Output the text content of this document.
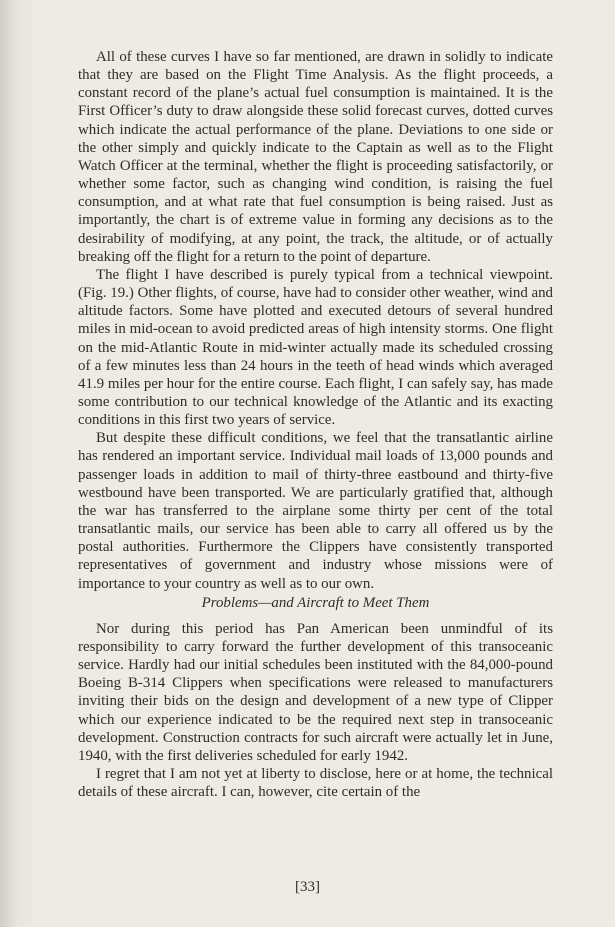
All of these curves I have so far mentioned, are drawn in solidly to indicate that they are based on the Flight Time Analysis. As the flight proceeds, a constant record of the plane’s actual fuel consumption is maintained. It is the First Officer’s duty to draw alongside these solid forecast curves, dotted curves which indicate the actual performance of the plane. Deviations to one side or the other simply and quickly indicate to the Captain as well as to the Flight Watch Officer at the terminal, whether the flight is proceeding satisfactorily, or whether some factor, such as changing wind condition, is raising the fuel consumption, and at what rate that fuel consumption is being raised. Just as importantly, the chart is of extreme value in forming any decisions as to the desirability of modifying, at any point, the track, the altitude, or of actually breaking off the flight for a return to the point of departure.

The flight I have described is purely typical from a technical viewpoint. (Fig. 19.) Other flights, of course, have had to consider other weather, wind and altitude factors. Some have plotted and executed detours of several hundred miles in mid-ocean to avoid predicted areas of high intensity storms. One flight on the mid-Atlantic Route in mid-winter actually made its scheduled crossing of a few minutes less than 24 hours in the teeth of head winds which averaged 41.9 miles per hour for the entire course. Each flight, I can safely say, has made some contribution to our technical knowledge of the Atlantic and its exacting conditions in this first two years of service.

But despite these difficult conditions, we feel that the transatlantic airline has rendered an important service. Individual mail loads of 13,000 pounds and passenger loads in addition to mail of thirty-three eastbound and thirty-five westbound have been transported. We are particularly gratified that, although the war has transferred to the airplane some thirty per cent of the total transatlantic mails, our service has been able to carry all offered us by the postal authorities. Furthermore the Clippers have consistently transported representatives of government and industry whose missions were of importance to your country as well as to our own.

Problems—and Aircraft to Meet Them

Nor during this period has Pan American been unmindful of its responsibility to carry forward the further development of this transoceanic service. Hardly had our initial schedules been instituted with the 84,000-pound Boeing B-314 Clippers when specifications were released to manufacturers inviting their bids on the design and development of a new type of Clipper which our experience indicated to be the required next step in transoceanic development. Construction contracts for such aircraft were actually let in June, 1940, with the first deliveries scheduled for early 1942.

I regret that I am not yet at liberty to disclose, here or at home, the technical details of these aircraft. I can, however, cite certain of the

[33]
